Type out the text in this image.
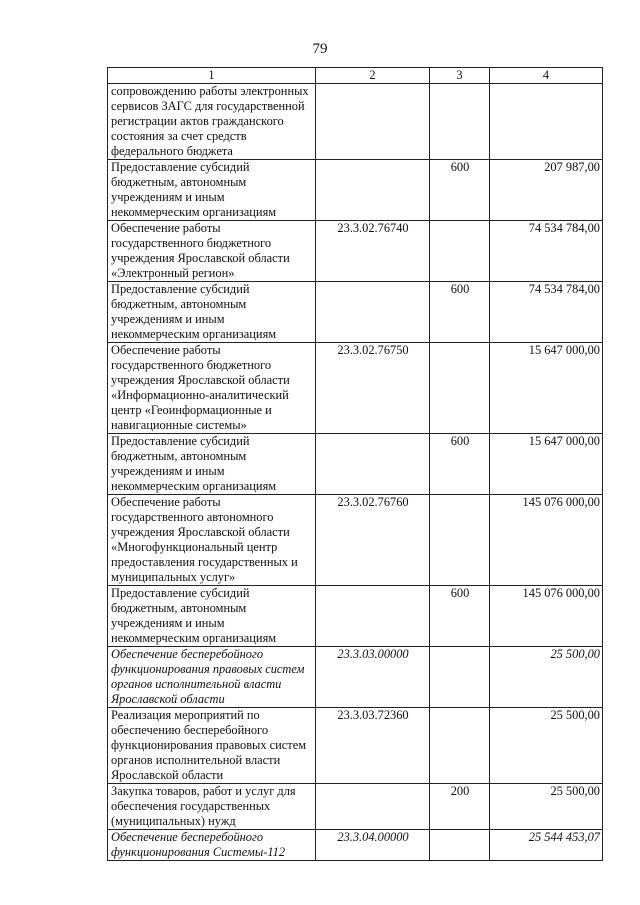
79
1	2	3	4
сопровождению работы электронных сервисов ЗАГС для государственной регистрации актов гражданского состояния за счет средств федерального бюджета			
Предоставление субсидий бюджетным, автономным учреждениям и иным некоммерческим организациям		600	207 987,00
Обеспечение работы государственного бюджетного учреждения Ярославской области «Электронный регион»	23.3.02.76740		74 534 784,00
Предоставление субсидий бюджетным, автономным учреждениям и иным некоммерческим организациям		600	74 534 784,00
Обеспечение работы государственного бюджетного учреждения Ярославской области «Информационно-аналитический центр «Геоинформационные и навигационные системы»	23.3.02.76750		15 647 000,00
Предоставление субсидий бюджетным, автономным учреждениям и иным некоммерческим организациям		600	15 647 000,00
Обеспечение работы государственного автономного учреждения Ярославской области «Многофункциональный центр предоставления государственных и муниципальных услуг»	23.3.02.76760		145 076 000,00
Предоставление субсидий бюджетным, автономным учреждениям и иным некоммерческим организациям		600	145 076 000,00
Обеспечение бесперебойного функционирования правовых систем органов исполнительной власти Ярославской области	23.3.03.00000		25 500,00
Реализация мероприятий по обеспечению бесперебойного функционирования правовых систем органов исполнительной власти Ярославской области	23.3.03.72360		25 500,00
Закупка товаров, работ и услуг для обеспечения государственных (муниципальных) нужд		200	25 500,00
Обеспечение бесперебойного функционирования Системы-112	23.3.04.00000		25 544 453,07
